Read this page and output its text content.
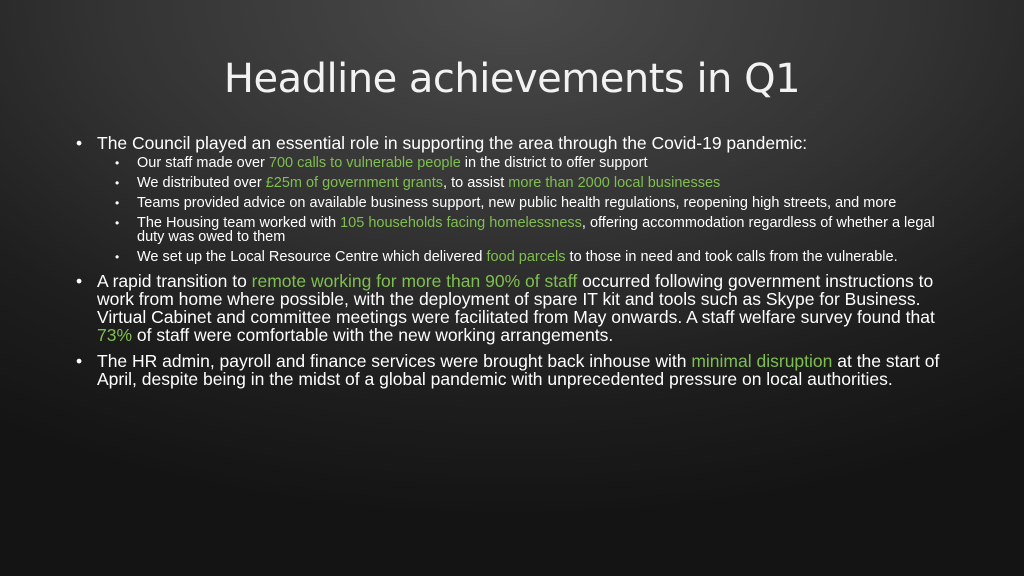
Headline achievements in Q1
• The Council played an essential role in supporting the area through the Covid-19 pandemic:
• Our staff made over 700 calls to vulnerable people in the district to offer support
• We distributed over £25m of government grants, to assist more than 2000 local businesses
• Teams provided advice on available business support, new public health regulations, reopening high streets, and more
• The Housing team worked with 105 households facing homelessness, offering accommodation regardless of whether a legal duty was owed to them
• We set up the Local Resource Centre which delivered food parcels to those in need and took calls from the vulnerable.
• A rapid transition to remote working for more than 90% of staff occurred following government instructions to work from home where possible, with the deployment of spare IT kit and tools such as Skype for Business. Virtual Cabinet and committee meetings were facilitated from May onwards. A staff welfare survey found that 73% of staff were comfortable with the new working arrangements.
• The HR admin, payroll and finance services were brought back inhouse with minimal disruption at the start of April, despite being in the midst of a global pandemic with unprecedented pressure on local authorities.
